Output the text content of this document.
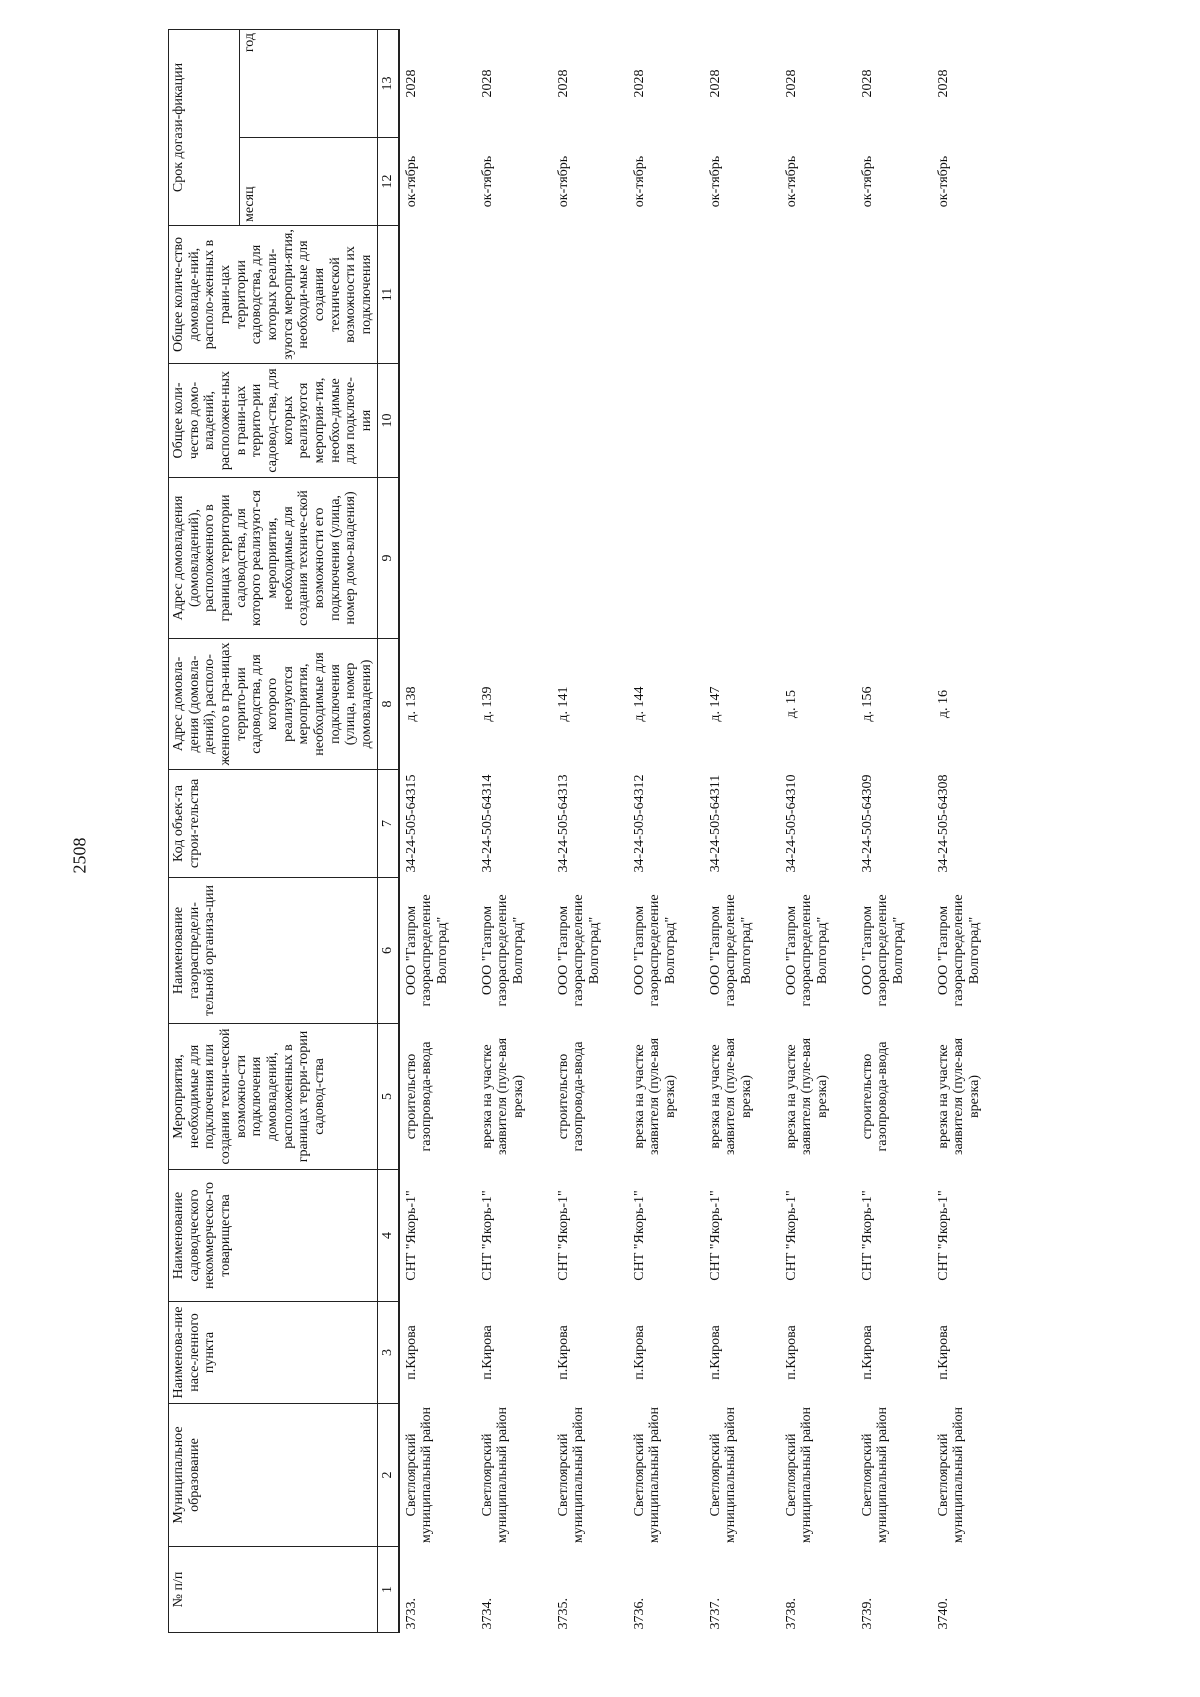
2508
№ п/п	Муниципальное образование	Наименова-ние насе-ленного пункта	Наименование садоводческого некоммерческо-го товарищества	Мероприятия, необходимые для подключения или создания техни-ческой возможно-сти подключения домовладений, расположенных в границах терри-тории садовод-ства	Наименование газораспредели-тельной организа-ции	Код объек-та строи-тельства	Адрес домовла-дения (домовла-дений), располо-женного в гра-ницах террито-рии садоводства, для которого реализуются мероприятия, необходимые для подключения (улица, номер домовладения)	Адрес домовладения (домовладений), расположенного в границах территории садоводства, для которого реализуют-ся мероприятия, необходимые для создания техниче-ской возможности его подключения (улица, номер домо-владения)	Общее коли-чество домо-владений, расположен-ных в грани-цах террито-рии садовод-ства, для которых реализуются мероприя-тия, необхо-димые для подключе-ния	Общее количе-ство домовладе-ний, располо-женных в грани-цах территории садоводства, для которых реали-зуются меропри-ятия, необходи-мые для создания технической возможности их подключения	Срок догази-фикации	
											месяц	год
1	2	3	4	5	6	7	8	9	10	11	12	13
3733.	Светлоярский муниципальный район	п.Кирова	СНТ "Якорь-1"	строительство газопровода-ввода	ООО "Газпром газораспределение Волгоград"	34-24-505-64315	д. 138				ок-тябрь	2028
3734.	Светлоярский муниципальный район	п.Кирова	СНТ "Якорь-1"	врезка на участке заявителя (пуле-вая врезка)	ООО "Газпром газораспределение Волгоград"	34-24-505-64314	д. 139				ок-тябрь	2028
3735.	Светлоярский муниципальный район	п.Кирова	СНТ "Якорь-1"	строительство газопровода-ввода	ООО "Газпром газораспределение Волгоград"	34-24-505-64313	д. 141				ок-тябрь	2028
3736.	Светлоярский муниципальный район	п.Кирова	СНТ "Якорь-1"	врезка на участке заявителя (пуле-вая врезка)	ООО "Газпром газораспределение Волгоград"	34-24-505-64312	д. 144				ок-тябрь	2028
3737.	Светлоярский муниципальный район	п.Кирова	СНТ "Якорь-1"	врезка на участке заявителя (пуле-вая врезка)	ООО "Газпром газораспределение Волгоград"	34-24-505-64311	д. 147				ок-тябрь	2028
3738.	Светлоярский муниципальный район	п.Кирова	СНТ "Якорь-1"	врезка на участке заявителя (пуле-вая врезка)	ООО "Газпром газораспределение Волгоград"	34-24-505-64310	д. 15				ок-тябрь	2028
3739.	Светлоярский муниципальный район	п.Кирова	СНТ "Якорь-1"	строительство газопровода-ввода	ООО "Газпром газораспределение Волгоград"	34-24-505-64309	д. 156				ок-тябрь	2028
3740.	Светлоярский муниципальный район	п.Кирова	СНТ "Якорь-1"	врезка на участке заявителя (пуле-вая врезка)	ООО "Газпром газораспределение Волгоград"	34-24-505-64308	д. 16				ок-тябрь	2028
